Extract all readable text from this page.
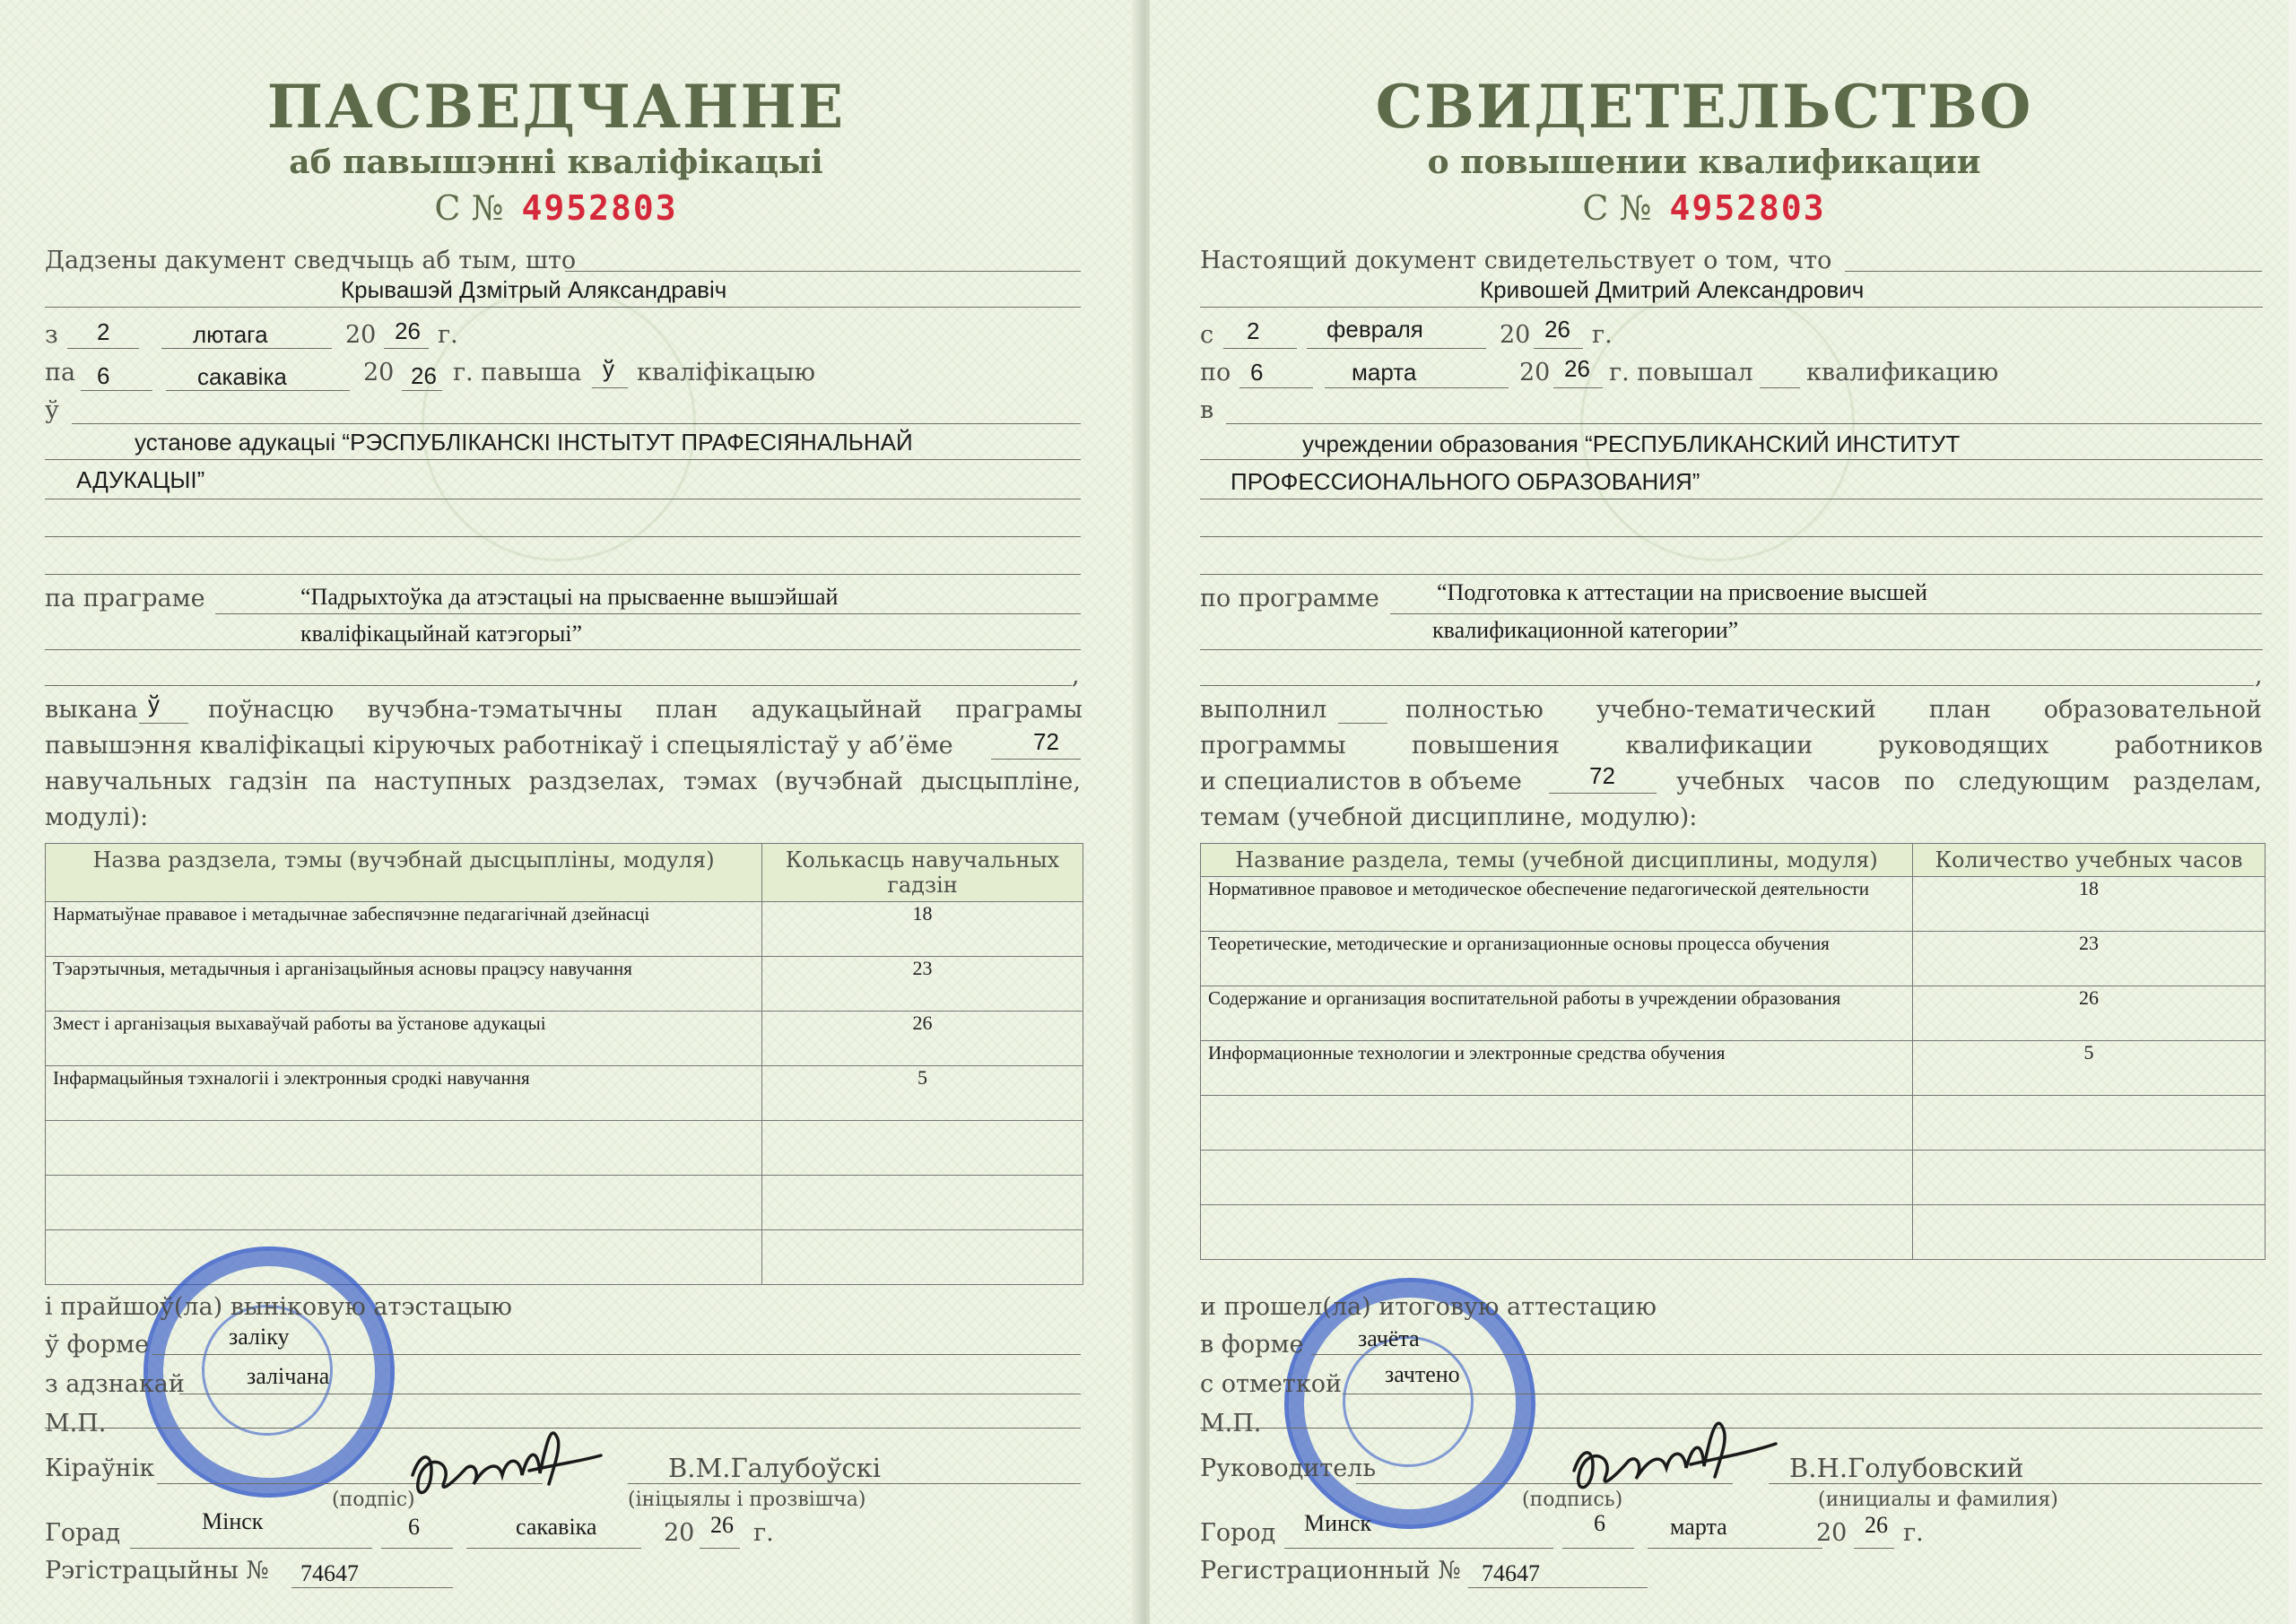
ПАСВЕДЧАННЕ
аб павышэнні кваліфікацыі
С № 4952803
Дадзены дакумент сведчыць аб тым, што
Крывашэй Дзмітрый Аляксандравіч
з 2	лютага	20 26 г.
па 6	сакавіка	20 26 г. павыша ў кваліфікацыю
ў
установе адукацыі “РЭСПУБЛІКАНСКІ ІНСТЫТУТ ПРАФЕСІЯНАЛЬНАЙ
АДУКАЦЫІ”
па праграме	“Падрыхтоўка да атэстацыі на прысваенне вышэйшай
кваліфікацыйнай катэгорыі”
,
выкана ў поўнасцю вучэбна-тэматычны план адукацыйнай праграмы
павышэння кваліфікацыі кіруючых работнікаў і спецыялістаў у аб’ёме	72
навучальных гадзін па наступных раздзелах, тэмах (вучэбнай дысцыпліне,
модулі):
Назва раздзела, тэмы (вучэбнай дысцыпліны, модуля)	Колькасць навучальных гадзін

Нарматыўнае прававое і метадычнае забеспячэнне педагагічнай дзейнасці	18

Тэарэтычныя, метадычныя і арганізацыйныя асновы працэсу навучання	23

Змест і арганізацыя выхаваўчай работы ва ўстанове адукацыі	26

Інфармацыйныя тэхналогіі і электронныя сродкі навучання	5

і прайшоў(ла) выніковую атэстацыю
ў форме	заліку
з адзнакай	залічана
М.П.
Кіраўнік
(подпіс)
В.М.Галубоўскі
(ініцыялы і прозвішча)
Горад	Мінск	6	сакавіка	20 26 г.
Рэгістрацыйны № 74647
СВИДЕТЕЛЬСТВО
о повышении квалификации
С № 4952803
Настоящий документ свидетельствует о том, что
Кривошей Дмитрий Александрович
с 2	февраля	20 26 г.
по 6	марта	20 26 г. повышал квалификацию
в
учреждении образования “РЕСПУБЛИКАНСКИЙ ИНСТИТУТ
ПРОФЕССИОНАЛЬНОГО ОБРАЗОВАНИЯ”
по программе “Подготовка к аттестации на присвоение высшей
квалификационной категории”
,
выполнил	полностью учебно-тематический план образовательной
программы повышения квалификации руководящих работников
и специалистов в объеме	72	учебных часов по следующим разделам,
темам (учебной дисциплине, модулю):
Название раздела, темы (учебной дисциплины, модуля)	Количество учебных часов

Нормативное правовое и методическое обеспечение педагогической деятельности	18

Теоретические, методические и организационные основы процесса обучения	23

Содержание и организация воспитательной работы в учреждении образования	26

Информационные технологии и электронные средства обучения	5

и прошел(ла) итоговую аттестацию
в форме зачёта
с отметкой зачтено
М.П.
Руководитель
(подпись)
В.Н.Голубовский
(инициалы и фамилия)
Город Минск	6	марта	20 26 г.
Регистрационный № 74647
